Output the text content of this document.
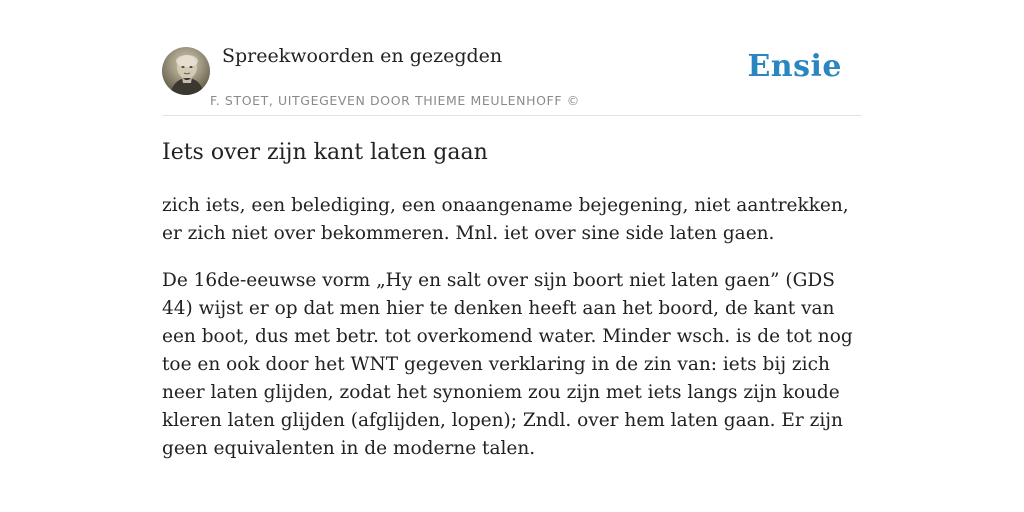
Spreekwoorden en gezegden
F. STOET, UITGEGEVEN DOOR THIEME MEULENHOFF ©
Ensie
Iets over zijn kant laten gaan

zich iets, een belediging, een onaangename bejegening, niet aantrekken, er zich niet over bekommeren. Mnl. iet over sine side laten gaen.

De 16de-eeuwse vorm „Hy en salt over sijn boort niet laten gaen” (GDS 44) wijst er op dat men hier te denken heeft aan het boord, de kant van een boot, dus met betr. tot overkomend water. Minder wsch. is de tot nog toe en ook door het WNT gegeven verklaring in de zin van: iets bij zich neer laten glijden, zodat het synoniem zou zijn met iets langs zijn koude kleren laten glijden (afglijden, lopen); Zndl. over hem laten gaan. Er zijn geen equivalenten in de moderne talen.
